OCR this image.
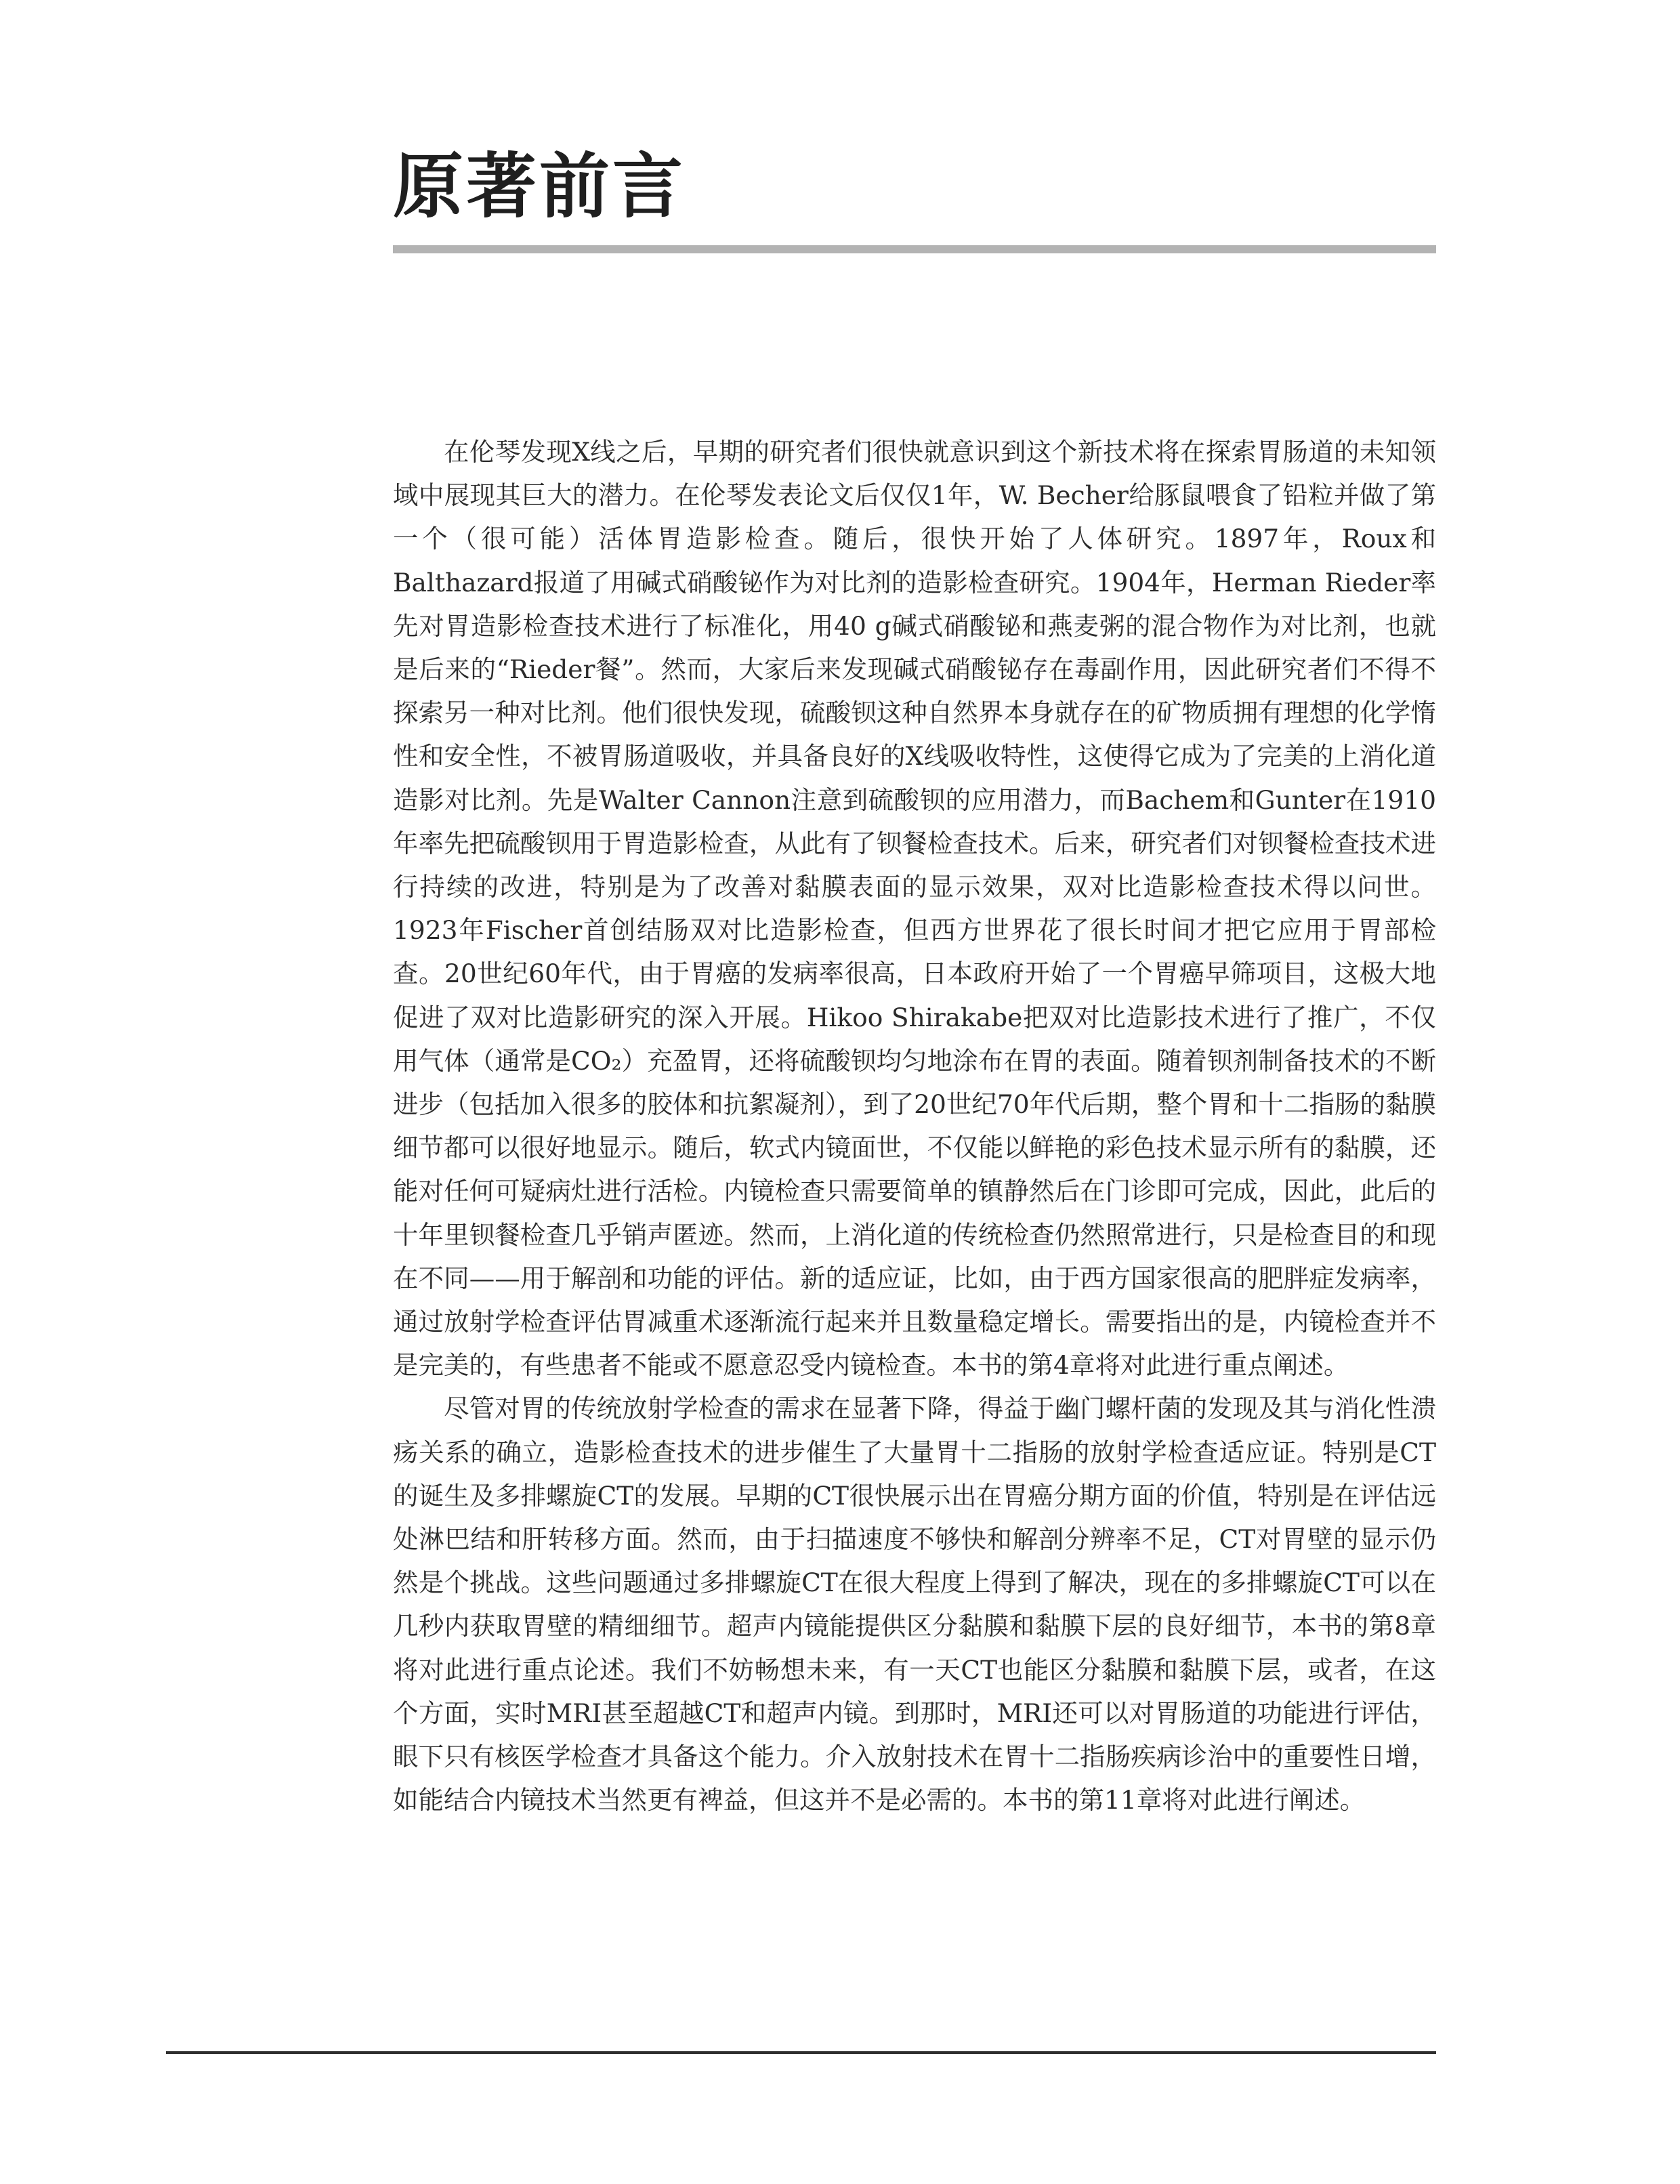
原著前言

在伦琴发现X线之后，早期的研究者们很快就意识到这个新技术将在探索胃肠道的未知领域中展现其巨大的潜力。在伦琴发表论文后仅仅1年，W. Becher给豚鼠喂食了铅粒并做了第一个（很可能）活体胃造影检查。随后，很快开始了人体研究。1897年，Roux和Balthazard报道了用碱式硝酸铋作为对比剂的造影检查研究。1904年，Herman Rieder率先对胃造影检查技术进行了标准化，用40 g碱式硝酸铋和燕麦粥的混合物作为对比剂，也就是后来的“Rieder餐”。然而，大家后来发现碱式硝酸铋存在毒副作用，因此研究者们不得不探索另一种对比剂。他们很快发现，硫酸钡这种自然界本身就存在的矿物质拥有理想的化学惰性和安全性，不被胃肠道吸收，并具备良好的X线吸收特性，这使得它成为了完美的上消化道造影对比剂。先是Walter Cannon注意到硫酸钡的应用潜力，而Bachem和Gunter在1910年率先把硫酸钡用于胃造影检查，从此有了钡餐检查技术。后来，研究者们对钡餐检查技术进行持续的改进，特别是为了改善对黏膜表面的显示效果，双对比造影检查技术得以问世。1923年Fischer首创结肠双对比造影检查，但西方世界花了很长时间才把它应用于胃部检查。20世纪60年代，由于胃癌的发病率很高，日本政府开始了一个胃癌早筛项目，这极大地促进了双对比造影研究的深入开展。Hikoo Shirakabe把双对比造影技术进行了推广，不仅用气体（通常是CO₂）充盈胃，还将硫酸钡均匀地涂布在胃的表面。随着钡剂制备技术的不断进步（包括加入很多的胶体和抗絮凝剂），到了20世纪70年代后期，整个胃和十二指肠的黏膜细节都可以很好地显示。随后，软式内镜面世，不仅能以鲜艳的彩色技术显示所有的黏膜，还能对任何可疑病灶进行活检。内镜检查只需要简单的镇静然后在门诊即可完成，因此，此后的十年里钡餐检查几乎销声匿迹。然而，上消化道的传统检查仍然照常进行，只是检查目的和现在不同——用于解剖和功能的评估。新的适应证，比如，由于西方国家很高的肥胖症发病率，通过放射学检查评估胃减重术逐渐流行起来并且数量稳定增长。需要指出的是，内镜检查并不是完美的，有些患者不能或不愿意忍受内镜检查。本书的第4章将对此进行重点阐述。

尽管对胃的传统放射学检查的需求在显著下降，得益于幽门螺杆菌的发现及其与消化性溃疡关系的确立，造影检查技术的进步催生了大量胃十二指肠的放射学检查适应证。特别是CT的诞生及多排螺旋CT的发展。早期的CT很快展示出在胃癌分期方面的价值，特别是在评估远处淋巴结和肝转移方面。然而，由于扫描速度不够快和解剖分辨率不足，CT对胃壁的显示仍然是个挑战。这些问题通过多排螺旋CT在很大程度上得到了解决，现在的多排螺旋CT可以在几秒内获取胃壁的精细细节。超声内镜能提供区分黏膜和黏膜下层的良好细节，本书的第8章将对此进行重点论述。我们不妨畅想未来，有一天CT也能区分黏膜和黏膜下层，或者，在这个方面，实时MRI甚至超越CT和超声内镜。到那时，MRI还可以对胃肠道的功能进行评估，眼下只有核医学检查才具备这个能力。介入放射技术在胃十二指肠疾病诊治中的重要性日增，如能结合内镜技术当然更有裨益，但这并不是必需的。本书的第11章将对此进行阐述。
